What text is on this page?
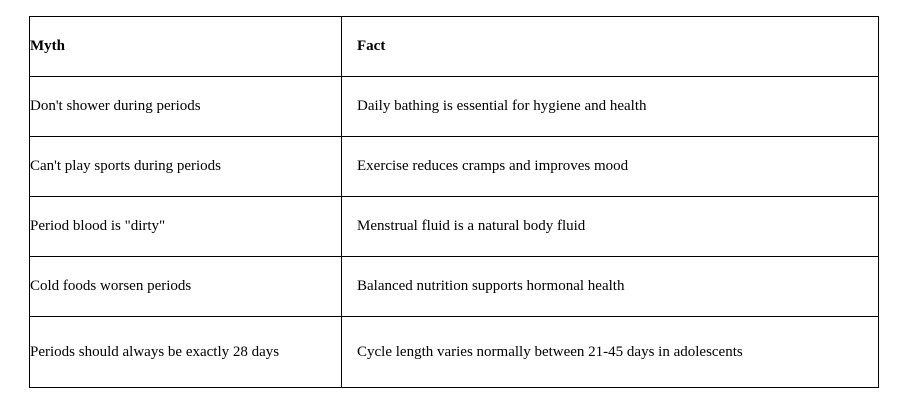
Myth	Fact
Don't shower during periods	Daily bathing is essential for hygiene and health
Can't play sports during periods	Exercise reduces cramps and improves mood
Period blood is "dirty"	Menstrual fluid is a natural body fluid
Cold foods worsen periods	Balanced nutrition supports hormonal health
Periods should always be exactly 28 days	Cycle length varies normally between 21-45 days in adolescents
